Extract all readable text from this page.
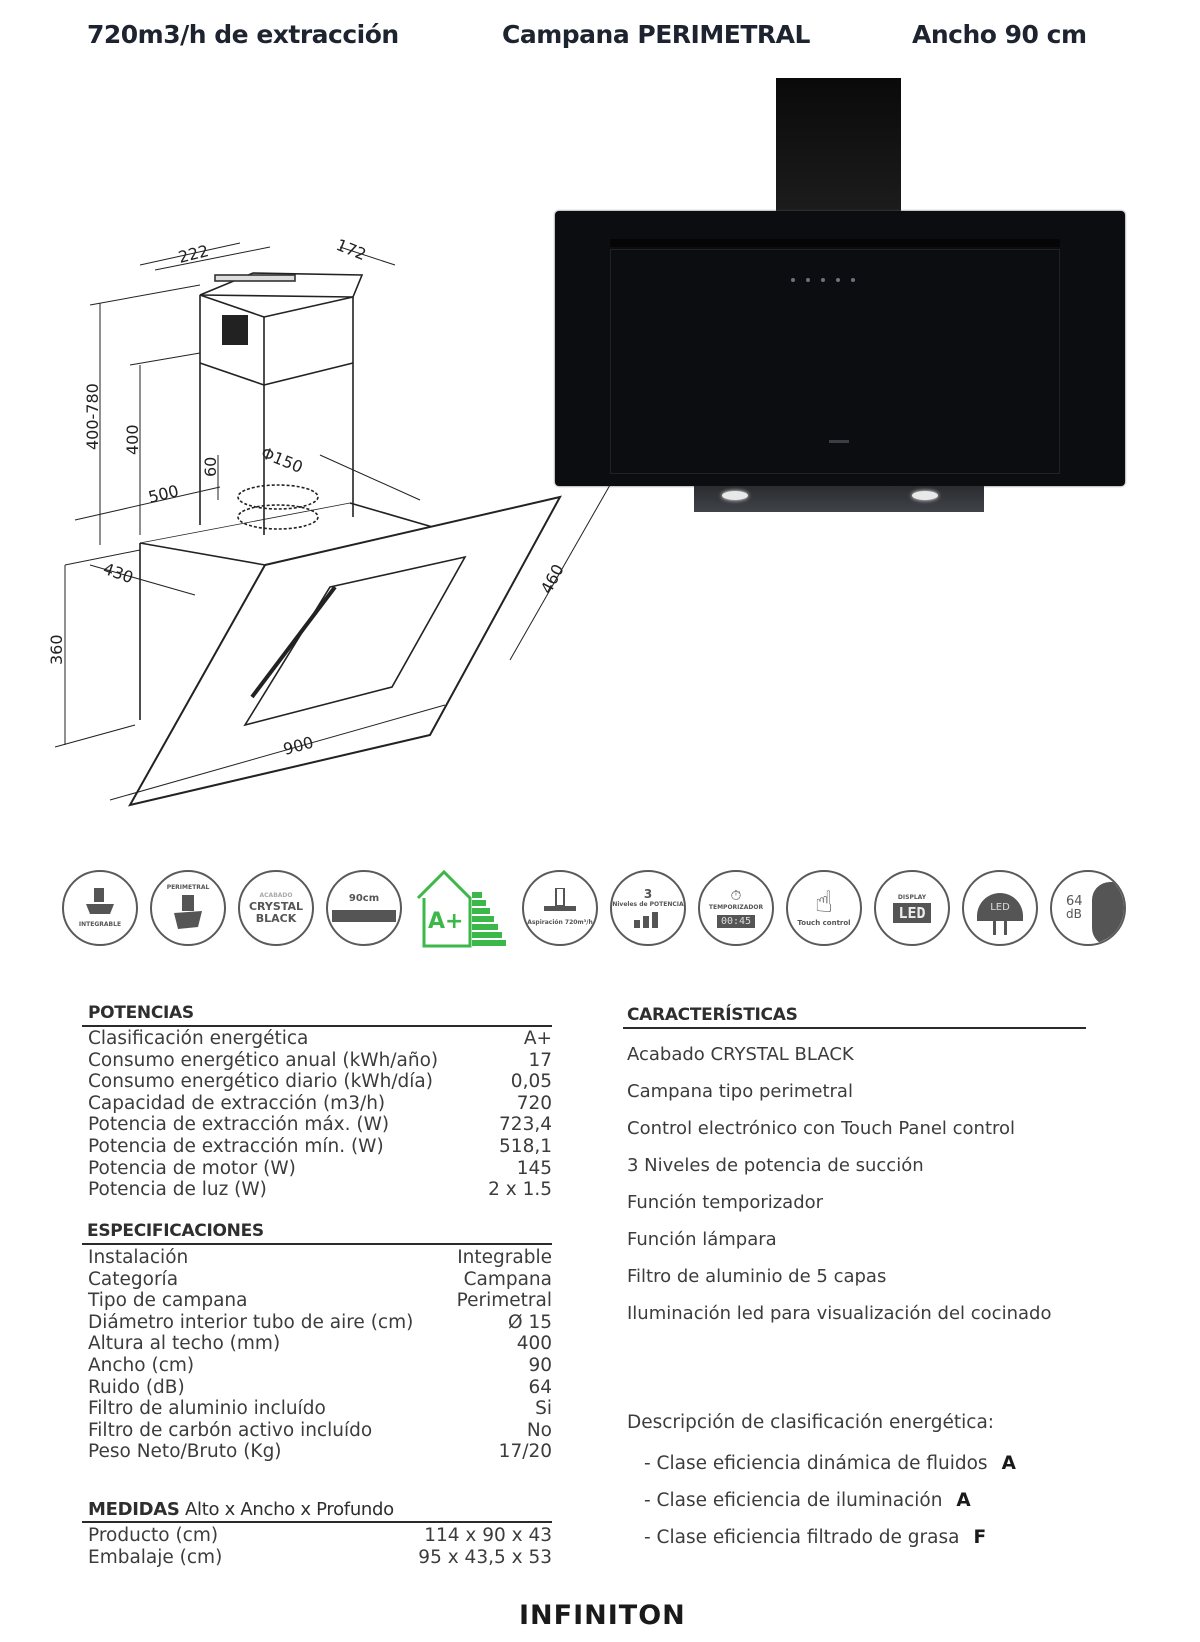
720m3/h de extracción	Campana PERIMETRAL	Ancho 90 cm
222	172
400-780 400
60 Φ150
500
430
360
460
900
INTEGRABLE
PERIMETRAL
ACABADO
CRYSTAL BLACK
90cm
A+	Aspiración 720m³/h
3
Niveles de POTENCIA
⏱
TEMPORIZADOR
00:45
☝
Touch control
DISPLAY
LED	LED	64
dB
POTENCIAS
Clasificación energética	A+
Consumo energético anual (kWh/año)	17
Consumo energético diario (kWh/día)	0,05
Capacidad de extracción (m3/h)	720
Potencia de extracción máx. (W)	723,4
Potencia de extracción mín. (W)	518,1
Potencia de motor (W)	145
Potencia de luz (W)	2 x 1.5
ESPECIFICACIONES
Instalación	Integrable
Categoría	Campana
Tipo de campana	Perimetral
Diámetro interior tubo de aire (cm)	Ø 15
Altura al techo (mm)	400
Ancho (cm)	90
Ruido (dB)	64
Filtro de aluminio incluído	Si
Filtro de carbón activo incluído	No
Peso Neto/Bruto (Kg)	17/20
MEDIDAS Alto x Ancho x Profundo
Producto (cm)	114 x 90 x 43
Embalaje (cm)	95 x 43,5 x 53
CARACTERÍSTICAS
Acabado CRYSTAL BLACK
Campana tipo perimetral
Control electrónico con Touch Panel control
3 Niveles de potencia de succión
Función temporizador
Función lámpara
Filtro de aluminio de 5 capas
Iluminación led para visualización del cocinado
Descripción de clasificación energética:
- Clase eficiencia dinámica de fluidos A
- Clase eficiencia de iluminación A
- Clase eficiencia filtrado de grasa F
INFINITON
